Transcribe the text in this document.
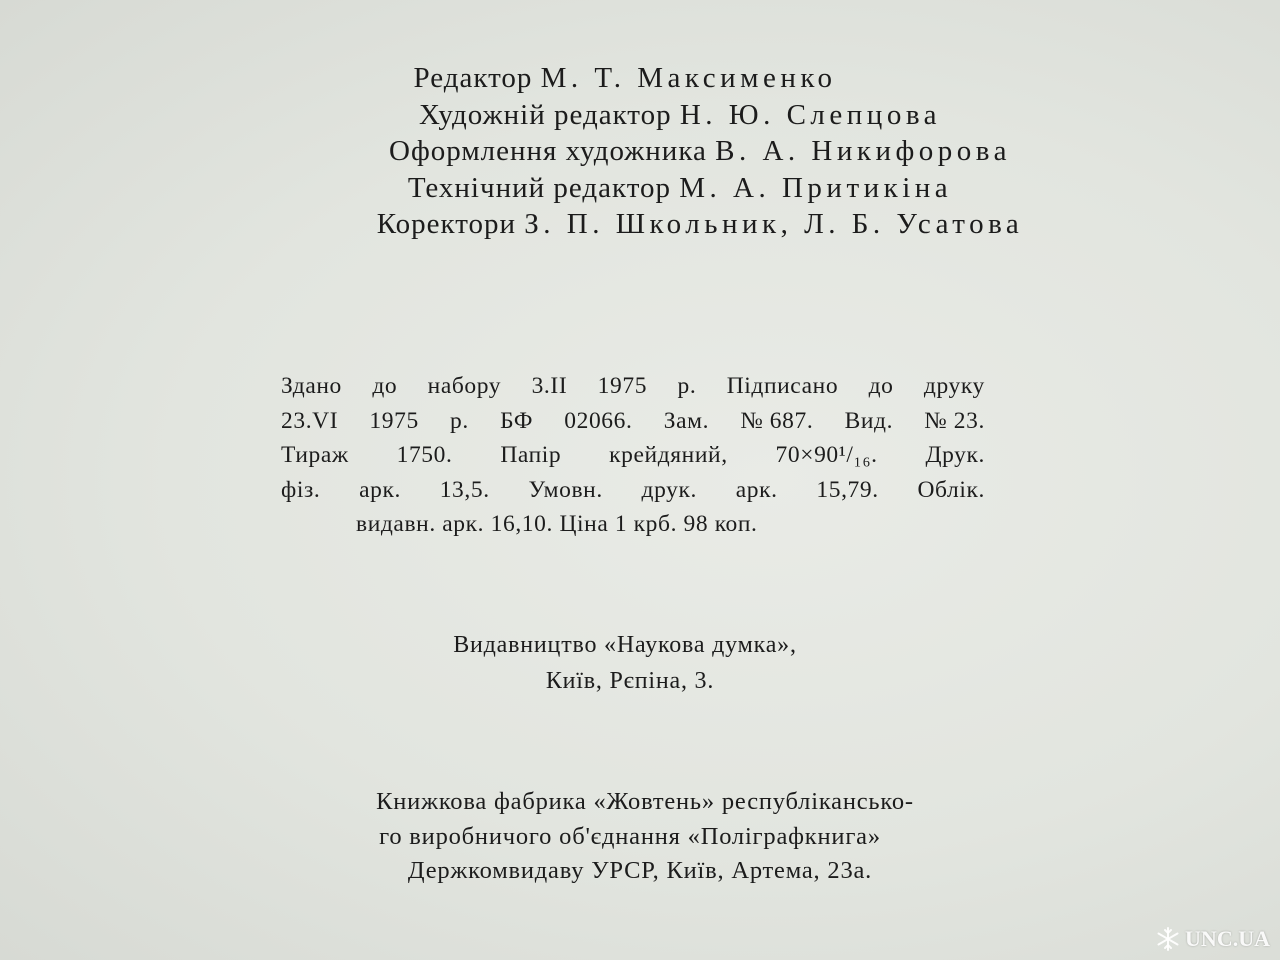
Редактор М. Т. Максименко
Художній редактор Н. Ю. Слепцова
Оформлення художника В. А. Никифорова
Технічний редактор М. А. Притикіна
Коректори З. П. Школьник, Л. Б. Усатова
Здано до набору 3.II 1975 р. Підписано до друку
23.VI 1975 р. БФ 02066. Зам. № 687. Вид. № 23.
Тираж 1750. Папір крейдяний, 70×90¹/₁₆. Друк.
фіз. арк. 13,5. Умовн. друк. арк. 15,79. Облік.
видавн. арк. 16,10. Ціна 1 крб. 98 коп.
Видавництво «Наукова думка»,
Київ, Рєпіна, 3.
Книжкова фабрика «Жовтень» республікансько-
го виробничого об'єднання «Поліграфкнига»
Держкомвидаву УРСР, Київ, Артема, 23а.
UNC.UA
